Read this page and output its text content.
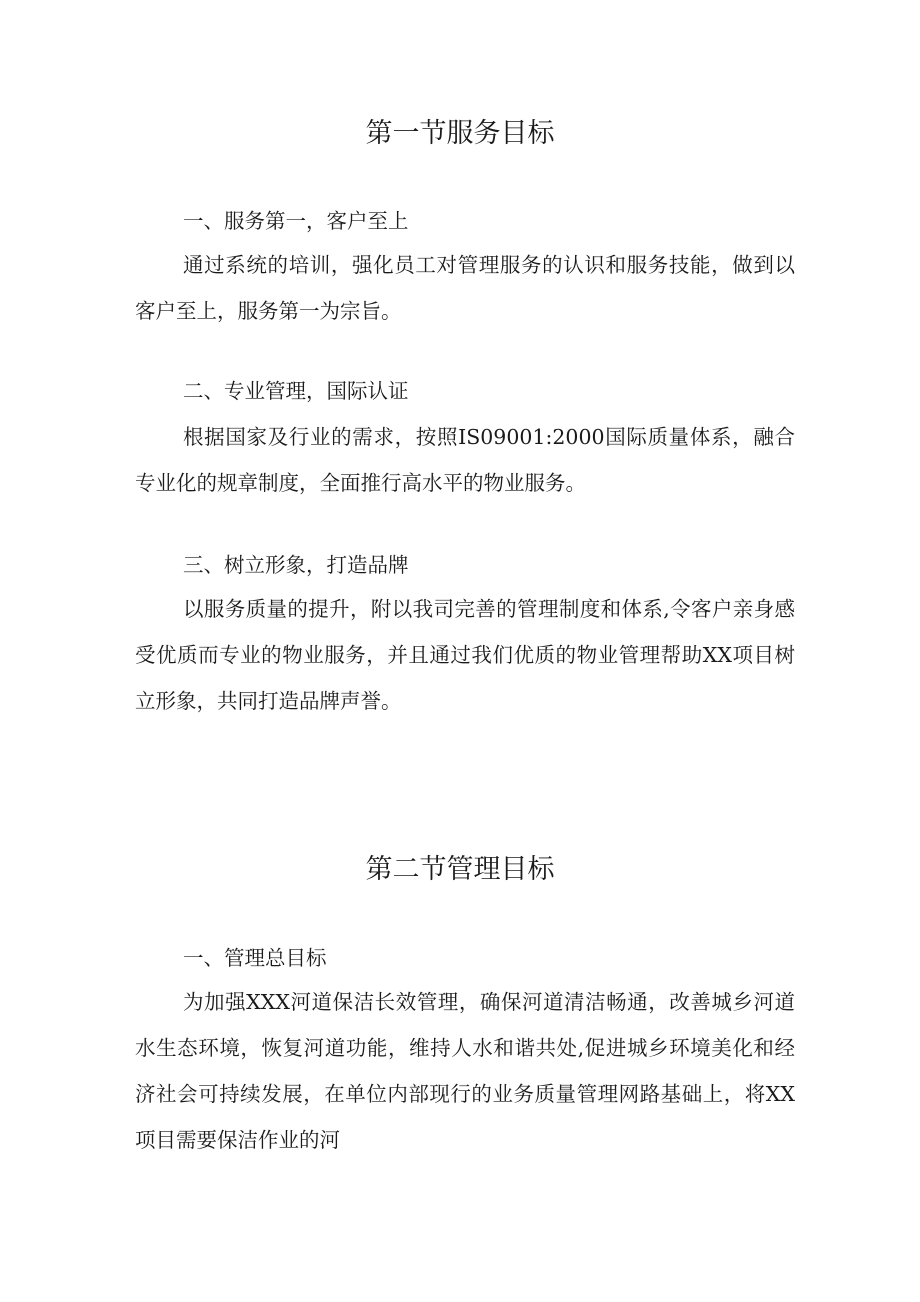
第一节服务目标

一、服务第一，客户至上

通过系统的培训，强化员工对管理服务的认识和服务技能，做到以客户至上，服务第一为宗旨。

二、专业管理，国际认证

根据国家及行业的需求，按照IS09001:2000国际质量体系，融合专业化的规章制度，全面推行高水平的物业服务。

三、树立形象，打造品牌

以服务质量的提升，附以我司完善的管理制度和体系,令客户亲身感受优质而专业的物业服务，并且通过我们优质的物业管理帮助XX项目树立形象，共同打造品牌声誉。

第二节管理目标

一、管理总目标

为加强XXX河道保洁长效管理，确保河道清洁畅通，改善城乡河道水生态环境，恢复河道功能，维持人水和谐共处,促进城乡环境美化和经济社会可持续发展，在单位内部现行的业务质量管理网路基础上，将XX项目需要保洁作业的河
